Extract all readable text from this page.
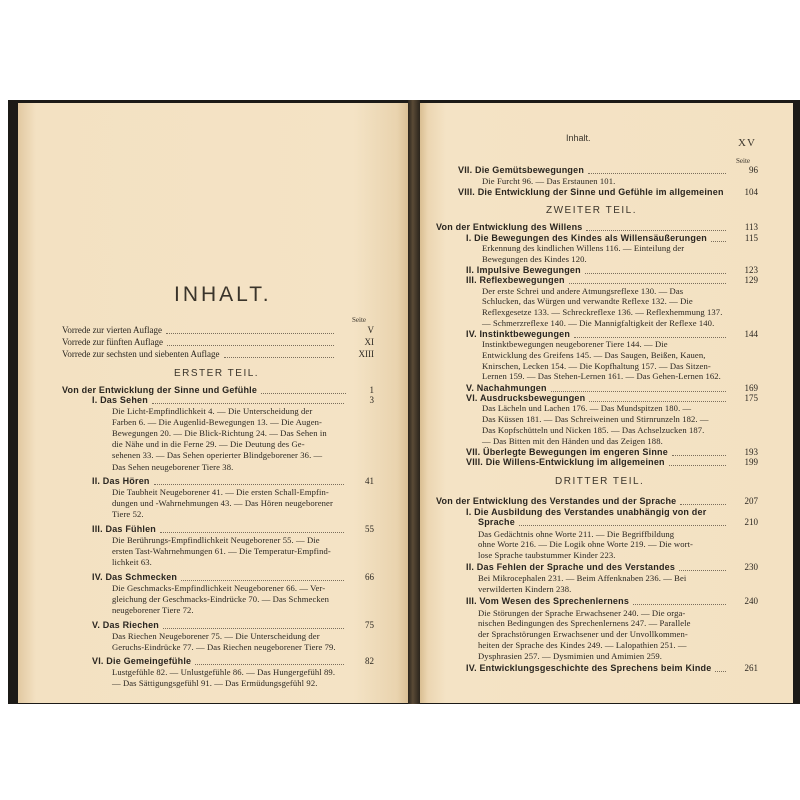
INHALT.
Seite
Vorrede zur vierten Auflage	V
Vorrede zur fünften Auflage	XI
Vorrede zur sechsten und siebenten Auflage	XIII
ERSTER TEIL.
Von der Entwicklung der Sinne und Gefühle	1
I. Das Sehen	3
Die Licht-Empfindlichkeit 4. — Die Unterscheidung der
Farben 6. — Die Augenlid-Bewegungen 13. — Die Augen-
Bewegungen 20. — Die Blick-Richtung 24. — Das Sehen in
die Nähe und in die Ferne 29. — Die Deutung des Ge-
sehenen 33. — Das Sehen operierter Blindgeborener 36. —
Das Sehen neugeborener Tiere 38.
II. Das Hören	41
Die Taubheit Neugeborener 41. — Die ersten Schall-Empfin-
dungen und -Wahrnehmungen 43. — Das Hören neugeborener
Tiere 52.
III. Das Fühlen	55
Die Berührungs-Empfindlichkeit Neugeborener 55. — Die
ersten Tast-Wahrnehmungen 61. — Die Temperatur-Empfind-
lichkeit 63.
IV. Das Schmecken	66
Die Geschmacks-Empfindlichkeit Neugeborener 66. — Ver-
gleichung der Geschmacks-Eindrücke 70. — Das Schmecken
neugeborener Tiere 72.
V. Das Riechen	75
Das Riechen Neugeborener 75. — Die Unterscheidung der
Geruchs-Eindrücke 77. — Das Riechen neugeborener Tiere 79.
VI. Die Gemeingefühle	82
Lustgefühle 82. — Unlustgefühle 86. — Das Hungergefühl 89.
— Das Sättigungsgefühl 91. — Das Ermüdungsgefühl 92.
Inhalt.	XV
Seite
VII. Die Gemütsbewegungen	96
Die Furcht 96. — Das Erstaunen 101.
VIII. Die Entwicklung der Sinne und Gefühle im allgemeinen	104
ZWEITER TEIL.
Von der Entwicklung des Willens	113
I. Die Bewegungen des Kindes als Willensäußerungen	115
Erkennung des kindlichen Willens 116. — Einteilung der
Bewegungen des Kindes 120.
II. Impulsive Bewegungen	123
III. Reflexbewegungen	129
Der erste Schrei und andere Atmungsreflexe 130. — Das
Schlucken, das Würgen und verwandte Reflexe 132. — Die
Reflexgesetze 133. — Schreckreflexe 136. — Reflexhemmung 137.
— Schmerzreflexe 140. — Die Mannigfaltigkeit der Reflexe 140.
IV. Instinktbewegungen	144
Instinktbewegungen neugeborener Tiere 144. — Die
Entwicklung des Greifens 145. — Das Saugen, Beißen, Kauen,
Knirschen, Lecken 154. — Die Kopfhaltung 157. — Das Sitzen-
Lernen 159. — Das Stehen-Lernen 161. — Das Gehen-Lernen 162.
V. Nachahmungen	169
VI. Ausdrucksbewegungen	175
Das Lächeln und Lachen 176. — Das Mundspitzen 180. —
Das Küssen 181. — Das Schreiweinen und Stirnrunzeln 182. —
Das Kopfschütteln und Nicken 185. — Das Achselzucken 187.
— Das Bitten mit den Händen und das Zeigen 188.
VII. Überlegte Bewegungen im engeren Sinne	193
VIII. Die Willens-Entwicklung im allgemeinen	199
DRITTER TEIL.
Von der Entwicklung des Verstandes und der Sprache	207
I. Die Ausbildung des Verstandes unabhängig von der
Sprache	210
Das Gedächtnis ohne Worte 211. — Die Begriffbildung
ohne Worte 216. — Die Logik ohne Worte 219. — Die wort-
lose Sprache taubstummer Kinder 223.
II. Das Fehlen der Sprache und des Verstandes	230
Bei Mikrocephalen 231. — Beim Affenknaben 236. — Bei
verwilderten Kindern 238.
III. Vom Wesen des Sprechenlernens	240
Die Störungen der Sprache Erwachsener 240. — Die orga-
nischen Bedingungen des Sprechenlernens 247. — Parallele
der Sprachstörungen Erwachsener und der Unvollkommen-
heiten der Sprache des Kindes 249. — Lalopathien 251. —
Dysphrasien 257. — Dysmimien und Amimien 259.
IV. Entwicklungsgeschichte des Sprechens beim Kinde	261
